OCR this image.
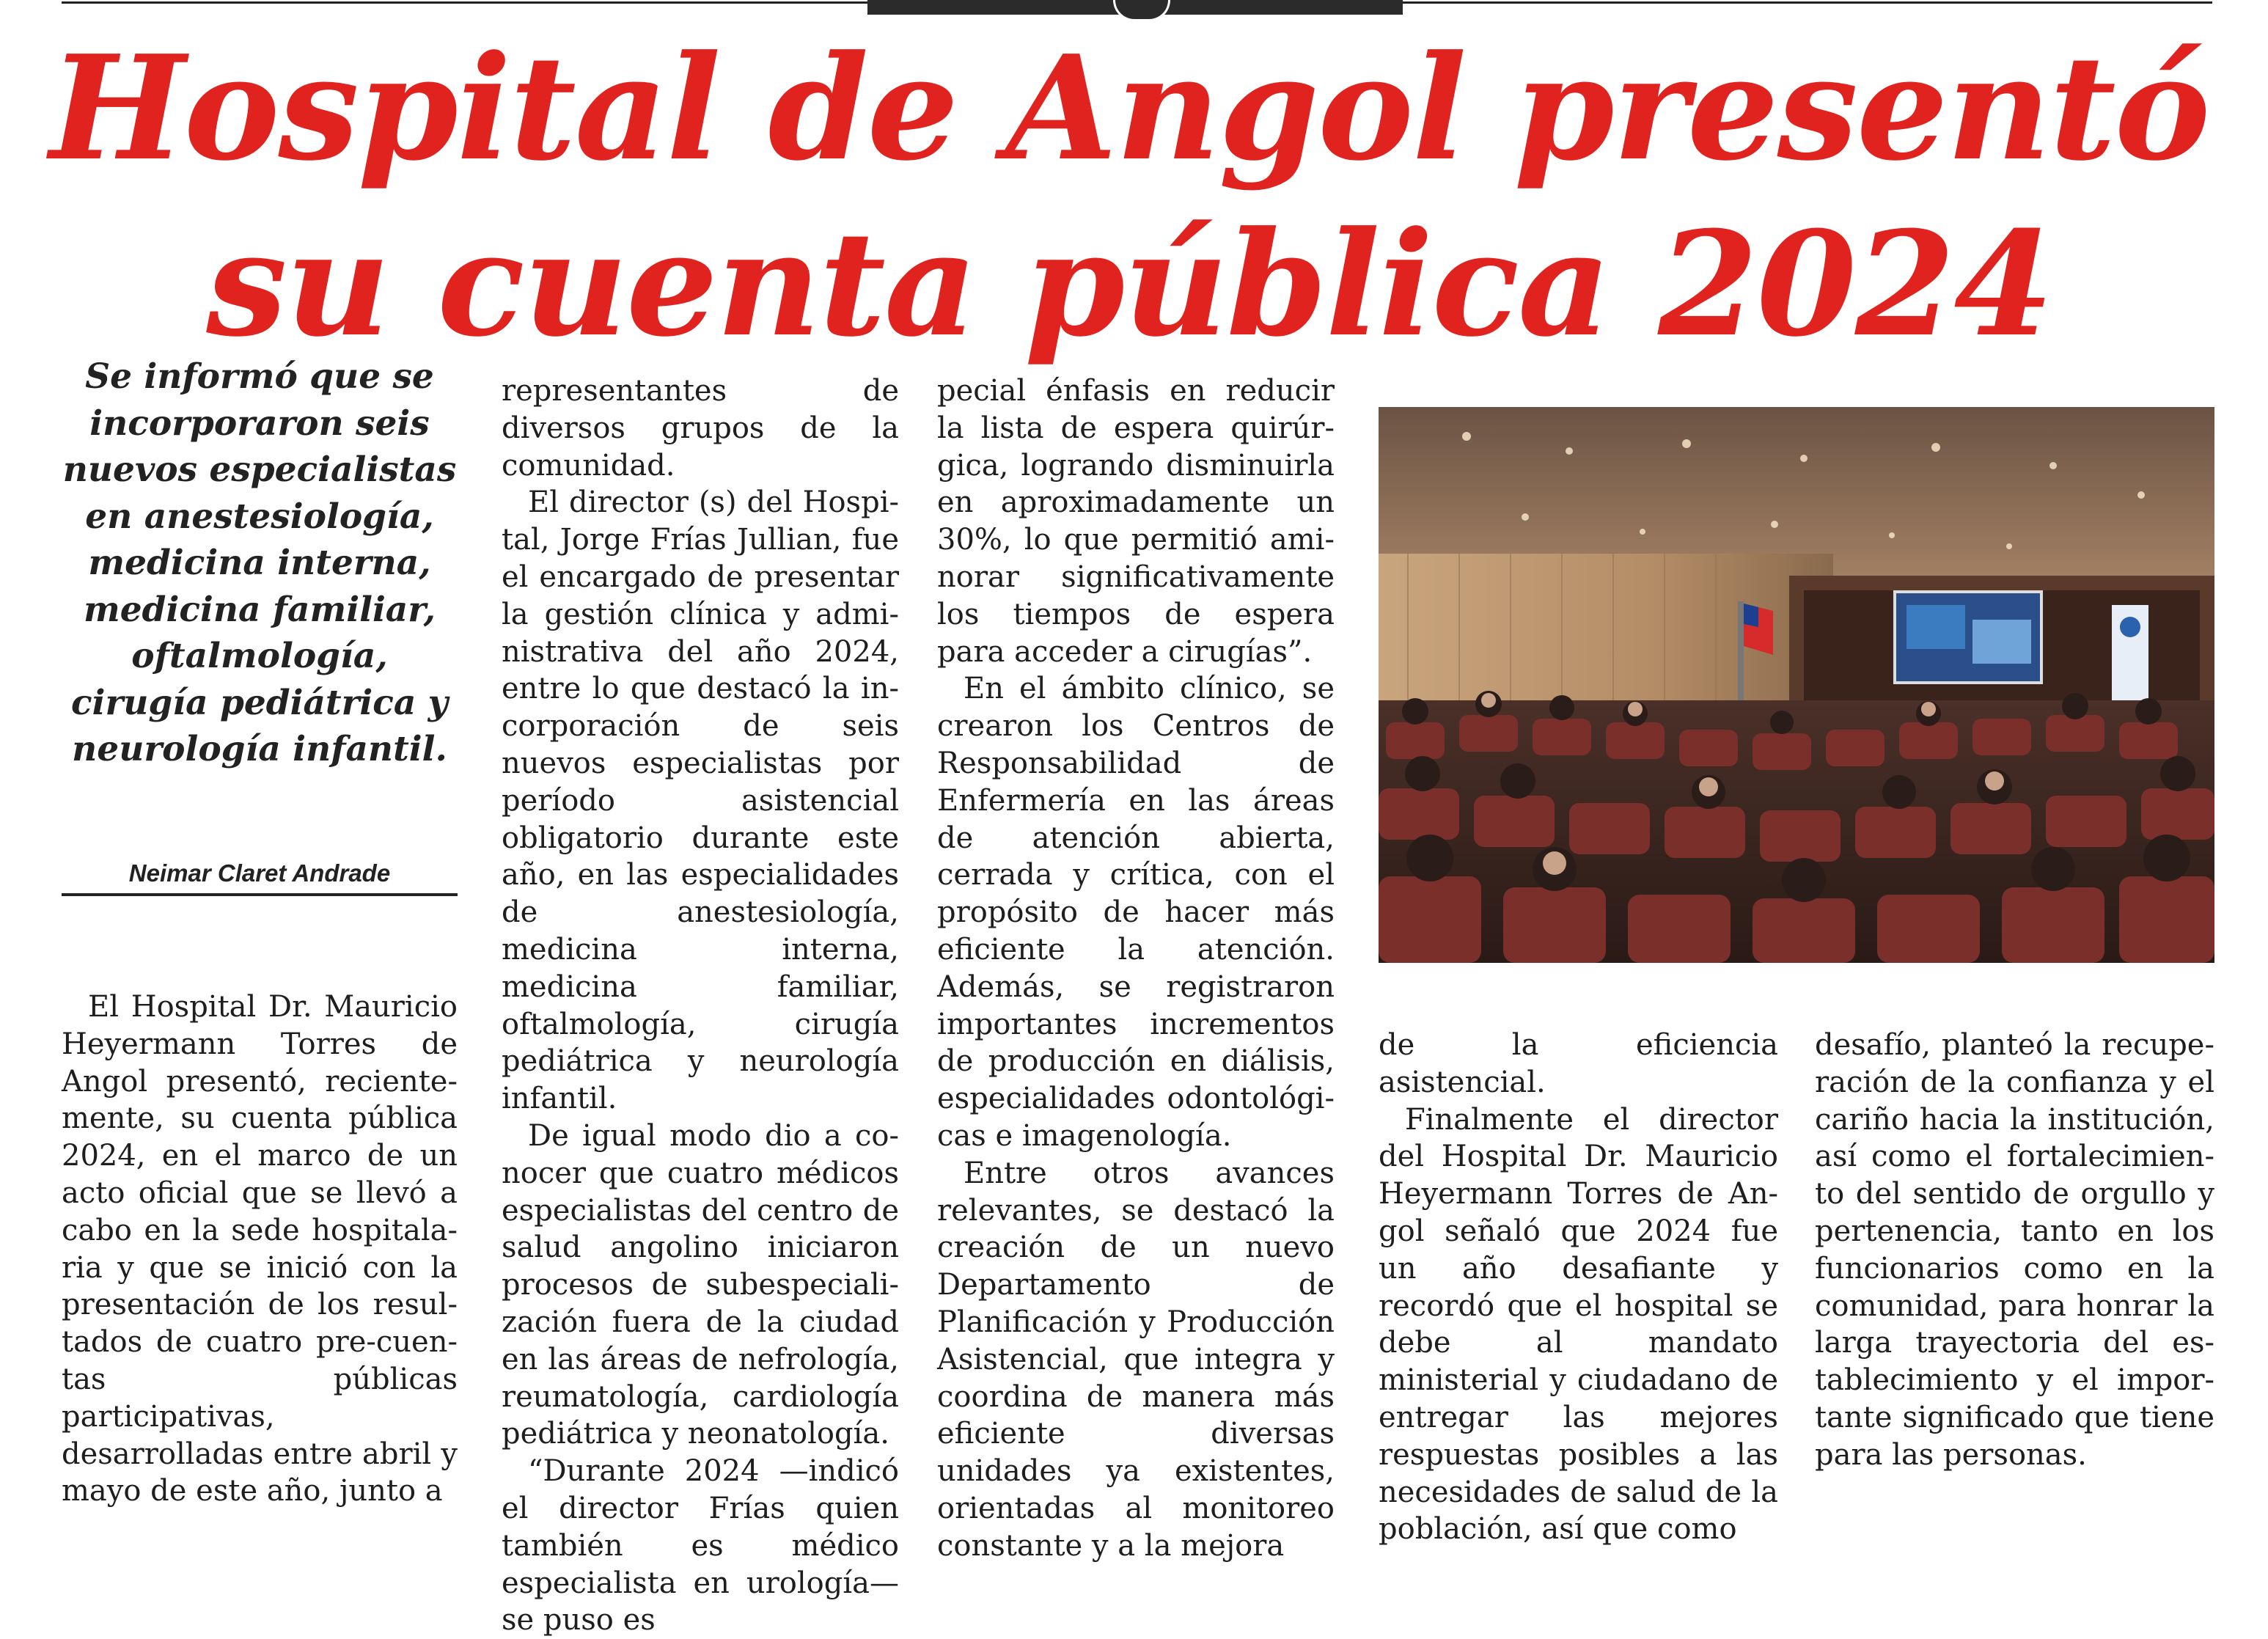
Hospital de Angol presentó
su cuenta pública 2024
Se informó que se incorporaron seis nuevos especialistas en anestesiología, medicina interna, medicina familiar, oftalmología, cirugía pediátrica y neurología infantil.
Neimar Claret Andrade

El Hospital Dr. Mauricio Heyermann Torres de Angol presentó, recientemente, su cuenta pública 2024, en el marco de un acto oficial que se llevó a cabo en la sede hospitalaria y que se inició con la presentación de los resultados de cuatro pre-cuentas públicas participativas, desarrolladas entre abril y mayo de este año, junto a

representantes de diversos grupos de la comunidad.

El director (s) del Hospital, Jorge Frías Jullian, fue el encargado de presentar la gestión clínica y administrativa del año 2024, entre lo que destacó la incorporación de seis nuevos especialistas por período asistencial obligatorio durante este año, en las especialidades de anestesiología, medicina interna, medicina familiar, oftalmología, cirugía pediátrica y neurología infantil.

De igual modo dio a conocer que cuatro médicos especialistas del centro de salud angolino iniciaron procesos de subespecialización fuera de la ciudad en las áreas de nefrología, reumatología, cardiología pediátrica y neonatología.

“Durante 2024 —indicó el director Frías quien también es médico especialista en urología— se puso es

pecial énfasis en reducir la lista de espera quirúrgica, logrando disminuirla en aproximadamente un 30%, lo que permitió aminorar significativamente los tiempos de espera para acceder a cirugías”.

En el ámbito clínico, se crearon los Centros de Responsabilidad de Enfermería en las áreas de atención abierta, cerrada y crítica, con el propósito de hacer más eficiente la atención. Además, se registraron importantes incrementos de producción en diálisis, especialidades odontológicas e imagenología.

Entre otros avances relevantes, se destacó la creación de un nuevo Departamento de Planificación y Producción Asistencial, que integra y coordina de manera más eficiente diversas unidades ya existentes, orientadas al monitoreo constante y a la mejora

de la eficiencia asistencial.

Finalmente el director del Hospital Dr. Mauricio Heyermann Torres de Angol señaló que 2024 fue un año desafiante y recordó que el hospital se debe al mandato ministerial y ciudadano de entregar las mejores respuestas posibles a las necesidades de salud de la población, así que como

desafío, planteó la recuperación de la confianza y el cariño hacia la institución, así como el fortalecimiento del sentido de orgullo y pertenencia, tanto en los funcionarios como en la comunidad, para honrar la larga trayectoria del establecimiento y el importante significado que tiene para las personas.
